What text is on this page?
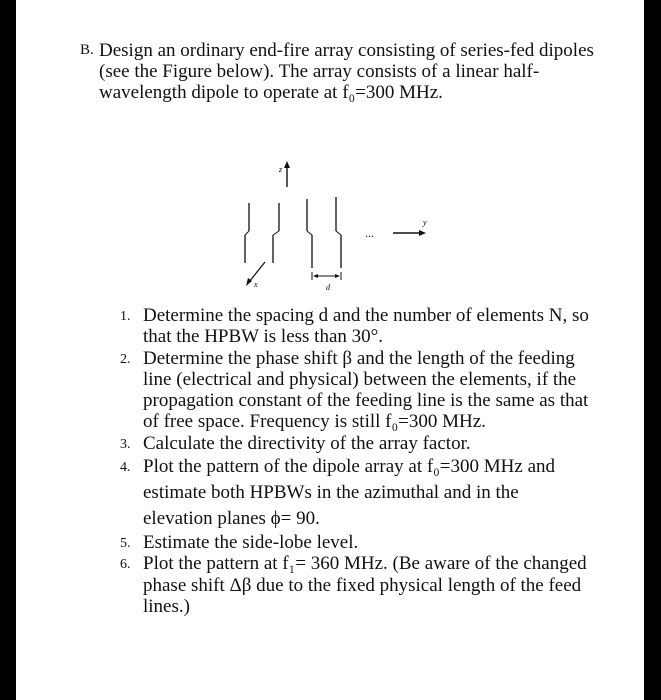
B. Design an ordinary end-fire array consisting of series-fed dipoles (see the Figure below). The array consists of a linear half-wavelength dipole to operate at f₀=300 MHz.
z
...
y
x	d
1. Determine the spacing d and the number of elements N, so that the HPBW is less than 30°.
2. Determine the phase shift β and the length of the feeding line (electrical and physical) between the elements, if the propagation constant of the feeding line is the same as that of free space. Frequency is still f₀=300 MHz.
3. Calculate the directivity of the array factor.
4. Plot the pattern of the dipole array at f₀=300 MHz and estimate both HPBWs in the azimuthal and in the elevation planes ϕ= 90.
5. Estimate the side-lobe level.
6. Plot the pattern at f₁= 360 MHz. (Be aware of the changed phase shift Δβ due to the fixed physical length of the feed lines.)
